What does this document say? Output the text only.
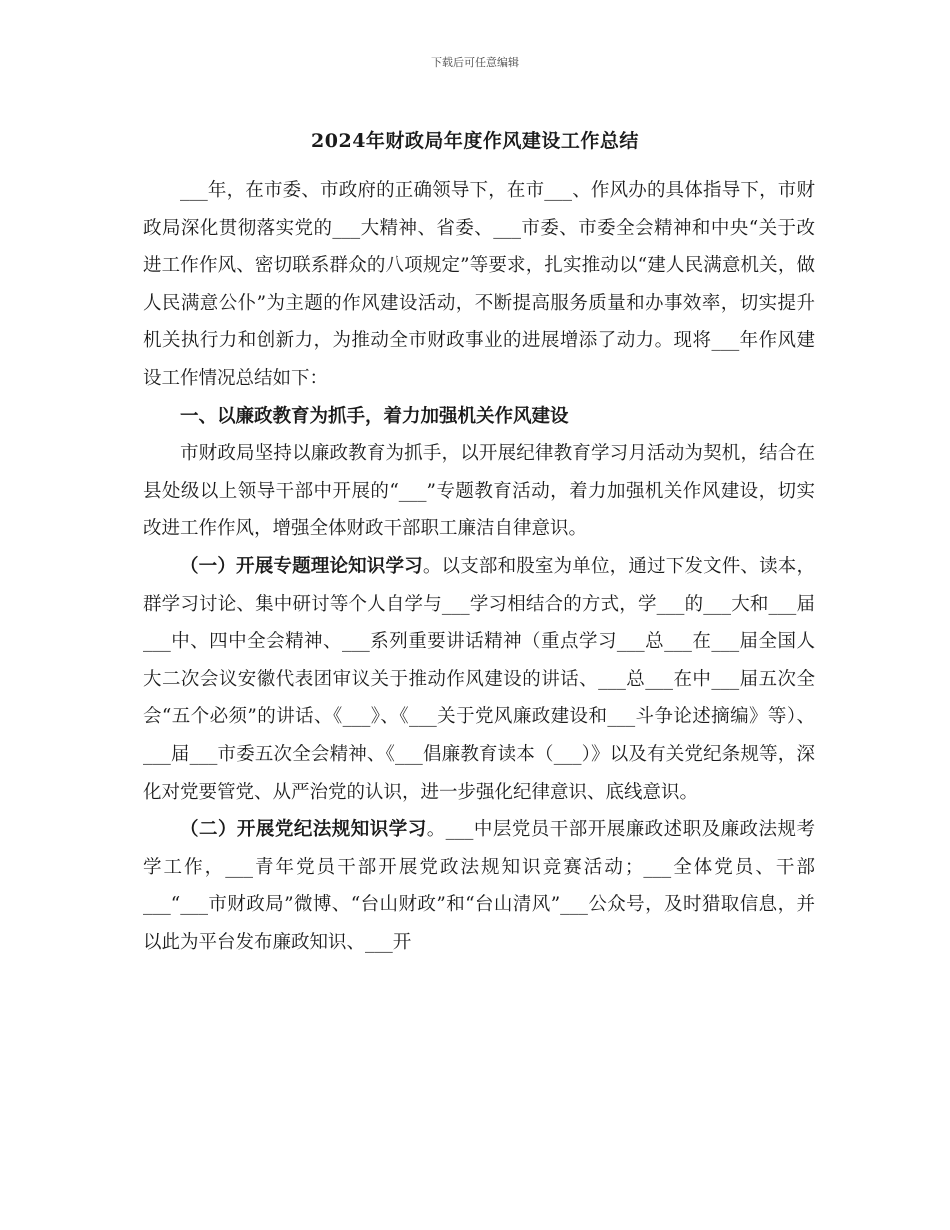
下载后可任意编辑
2024年财政局年度作风建设工作总结

___年，在市委、市政府的正确领导下，在市___、作风办的具体指导下，市财政局深化贯彻落实党的___大精神、省委、___市委、市委全会精神和中央“关于改进工作作风、密切联系群众的八项规定”等要求，扎实推动以“建人民满意机关，做人民满意公仆”为主题的作风建设活动，不断提高服务质量和办事效率，切实提升机关执行力和创新力，为推动全市财政事业的进展增添了动力。现将___年作风建设工作情况总结如下：

一、以廉政教育为抓手，着力加强机关作风建设

市财政局坚持以廉政教育为抓手，以开展纪律教育学习月活动为契机，结合在县处级以上领导干部中开展的“___”专题教育活动，着力加强机关作风建设，切实改进工作作风，增强全体财政干部职工廉洁自律意识。

（一）开展专题理论知识学习。以支部和股室为单位，通过下发文件、读本，群学习讨论、集中研讨等个人自学与___学习相结合的方式，学___的___大和___届___中、四中全会精神、___系列重要讲话精神（重点学习___总___在___届全国人大二次会议安徽代表团审议关于推动作风建设的讲话、___总___在中___届五次全会“五个必须”的讲话、《___》、《___关于党风廉政建设和___斗争论述摘编》等）、___届___市委五次全会精神、《___倡廉教育读本（___）》以及有关党纪条规等，深化对党要管党、从严治党的认识，进一步强化纪律意识、底线意识。

（二）开展党纪法规知识学习。___中层党员干部开展廉政述职及廉政法规考学工作，___青年党员干部开展党政法规知识竞赛活动；___全体党员、干部___“___市财政局”微博、“台山财政”和“台山清风”___公众号，及时猎取信息，并以此为平台发布廉政知识、___开
